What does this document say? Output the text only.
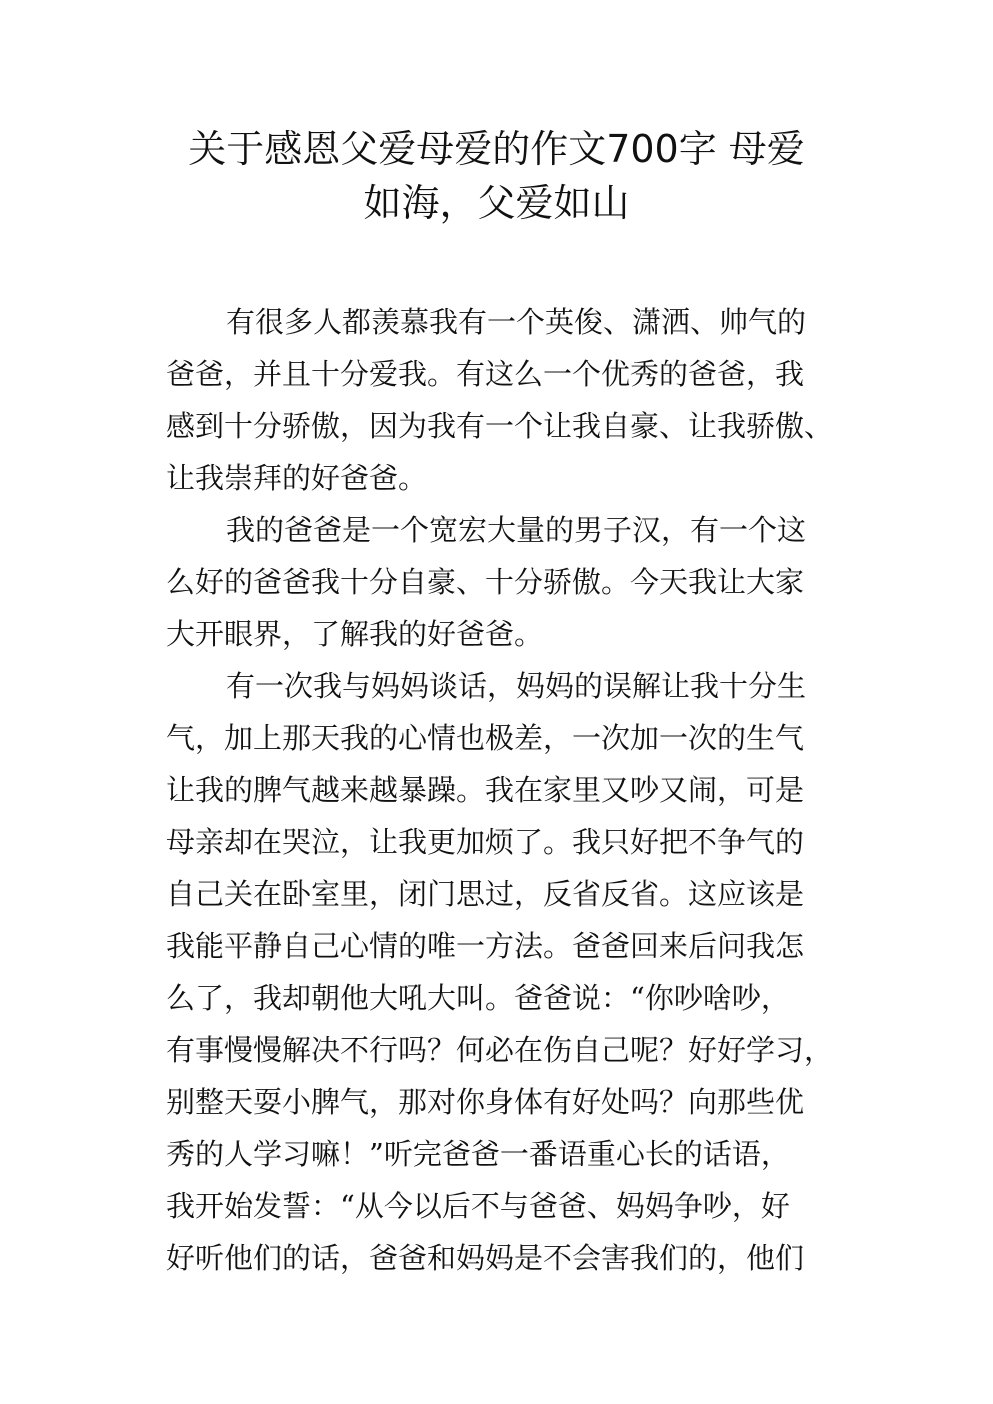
关于感恩父爱母爱的作文700字 母爱
如海，父爱如山
有很多人都羡慕我有一个英俊、潇洒、帅气的
爸爸，并且十分爱我。有这么一个优秀的爸爸，我
感到十分骄傲，因为我有一个让我自豪、让我骄傲、
让我崇拜的好爸爸。
我的爸爸是一个宽宏大量的男子汉，有一个这
么好的爸爸我十分自豪、十分骄傲。今天我让大家
大开眼界，了解我的好爸爸。
有一次我与妈妈谈话，妈妈的误解让我十分生
气，加上那天我的心情也极差，一次加一次的生气
让我的脾气越来越暴躁。我在家里又吵又闹，可是
母亲却在哭泣，让我更加烦了。我只好把不争气的
自己关在卧室里，闭门思过，反省反省。这应该是
我能平静自己心情的唯一方法。爸爸回来后问我怎
么了，我却朝他大吼大叫。爸爸说：“你吵啥吵，
有事慢慢解决不行吗？何必在伤自己呢？好好学习，
别整天耍小脾气，那对你身体有好处吗？向那些优
秀的人学习嘛！”听完爸爸一番语重心长的话语，
我开始发誓：“从今以后不与爸爸、妈妈争吵，好
好听他们的话，爸爸和妈妈是不会害我们的，他们
